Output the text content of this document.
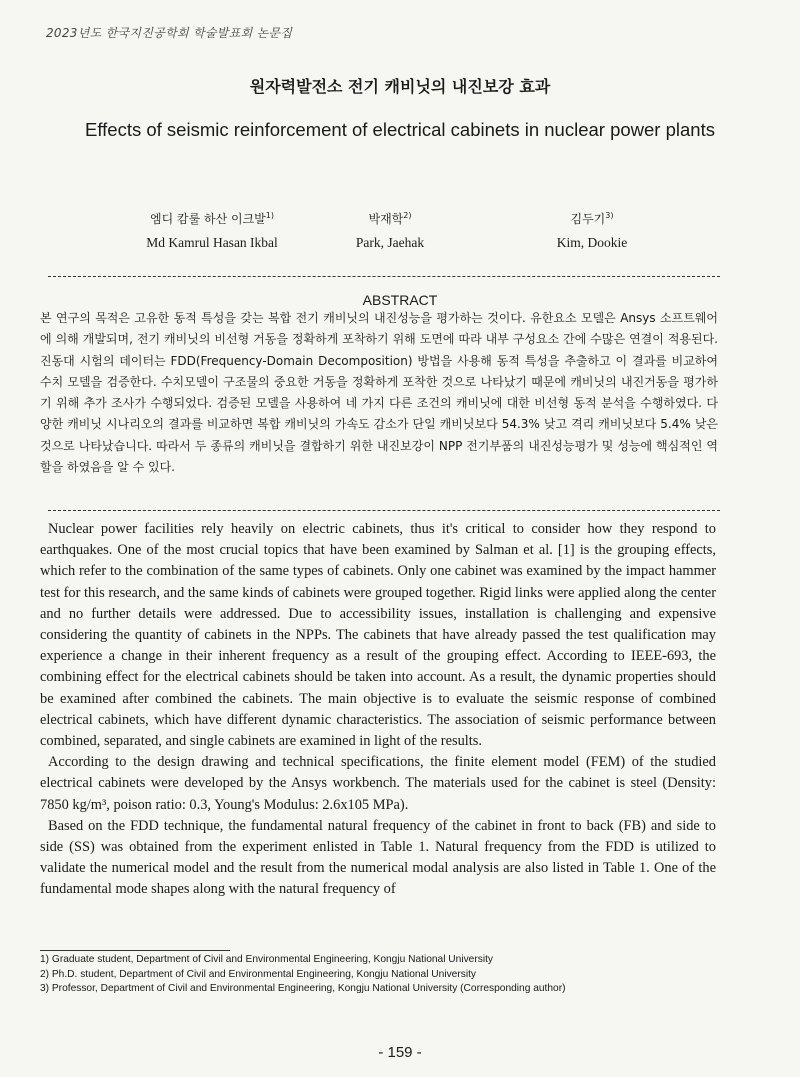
2023년도 한국지진공학회 학술발표회 논문집
원자력발전소 전기 캐비닛의 내진보강 효과
Effects of seismic reinforcement of electrical cabinets in nuclear power plants
엠디 캄룰 하산 이크발$^{1)}$
Md Kamrul Hasan Ikbal
박재학$^{2)}$
Park, Jaehak
김두기$^{3)}$
Kim, Dookie
ABSTRACT
본 연구의 목적은 고유한 동적 특성을 갖는 복합 전기 캐비닛의 내진성능을 평가하는 것이다. 유한요소 모델은 Ansys 소프트웨어에 의해 개발되며, 전기 캐비닛의 비선형 거동을 정확하게 포착하기 위해 도면에 따라 내부 구성요소 간에 수많은 연결이 적용된다. 진동대 시험의 데이터는 FDD(Frequency-Domain Decomposition) 방법을 사용해 동적 특성을 추출하고 이 결과를 비교하여 수치 모델을 검증한다. 수치모델이 구조물의 중요한 거동을 정확하게 포착한 것으로 나타났기 때문에 캐비닛의 내진거동을 평가하기 위해 추가 조사가 수행되었다. 검증된 모델을 사용하여 네 가지 다른 조건의 캐비닛에 대한 비선형 동적 분석을 수행하였다. 다양한 캐비닛 시나리오의 결과를 비교하면 복합 캐비닛의 가속도 감소가 단일 캐비닛보다 54.3% 낮고 격리 캐비닛보다 5.4% 낮은 것으로 나타났습니다. 따라서 두 종류의 캐비닛을 결합하기 위한 내진보강이 NPP 전기부품의 내진성능평가 및 성능에 핵심적인 역할을 하였음을 알 수 있다.

Nuclear power facilities rely heavily on electric cabinets, thus it's critical to consider how they respond to earthquakes. One of the most crucial topics that have been examined by Salman et al. [1] is the grouping effects, which refer to the combination of the same types of cabinets. Only one cabinet was examined by the impact hammer test for this research, and the same kinds of cabinets were grouped together. Rigid links were applied along the center and no further details were addressed. Due to accessibility issues, installation is challenging and expensive considering the quantity of cabinets in the NPPs. The cabinets that have already passed the test qualification may experience a change in their inherent frequency as a result of the grouping effect. According to IEEE-693, the combining effect for the electrical cabinets should be taken into account. As a result, the dynamic properties should be examined after combined the cabinets. The main objective is to evaluate the seismic response of combined electrical cabinets, which have different dynamic characteristics. The association of seismic performance between combined, separated, and single cabinets are examined in light of the results.

According to the design drawing and technical specifications, the finite element model (FEM) of the studied electrical cabinets were developed by the Ansys workbench. The materials used for the cabinet is steel (Density: 7850 kg/m³, poison ratio: 0.3, Young's Modulus: 2.6x105 MPa).

Based on the FDD technique, the fundamental natural frequency of the cabinet in front to back (FB) and side to side (SS) was obtained from the experiment enlisted in Table 1. Natural frequency from the FDD is utilized to validate the numerical model and the result from the numerical modal analysis are also listed in Table 1. One of the fundamental mode shapes along with the natural frequency of

1) Graduate student, Department of Civil and Environmental Engineering, Kongju National University
2) Ph.D. student, Department of Civil and Environmental Engineering, Kongju National University
3) Professor, Department of Civil and Environmental Engineering, Kongju National University (Corresponding author)
- 159 -
